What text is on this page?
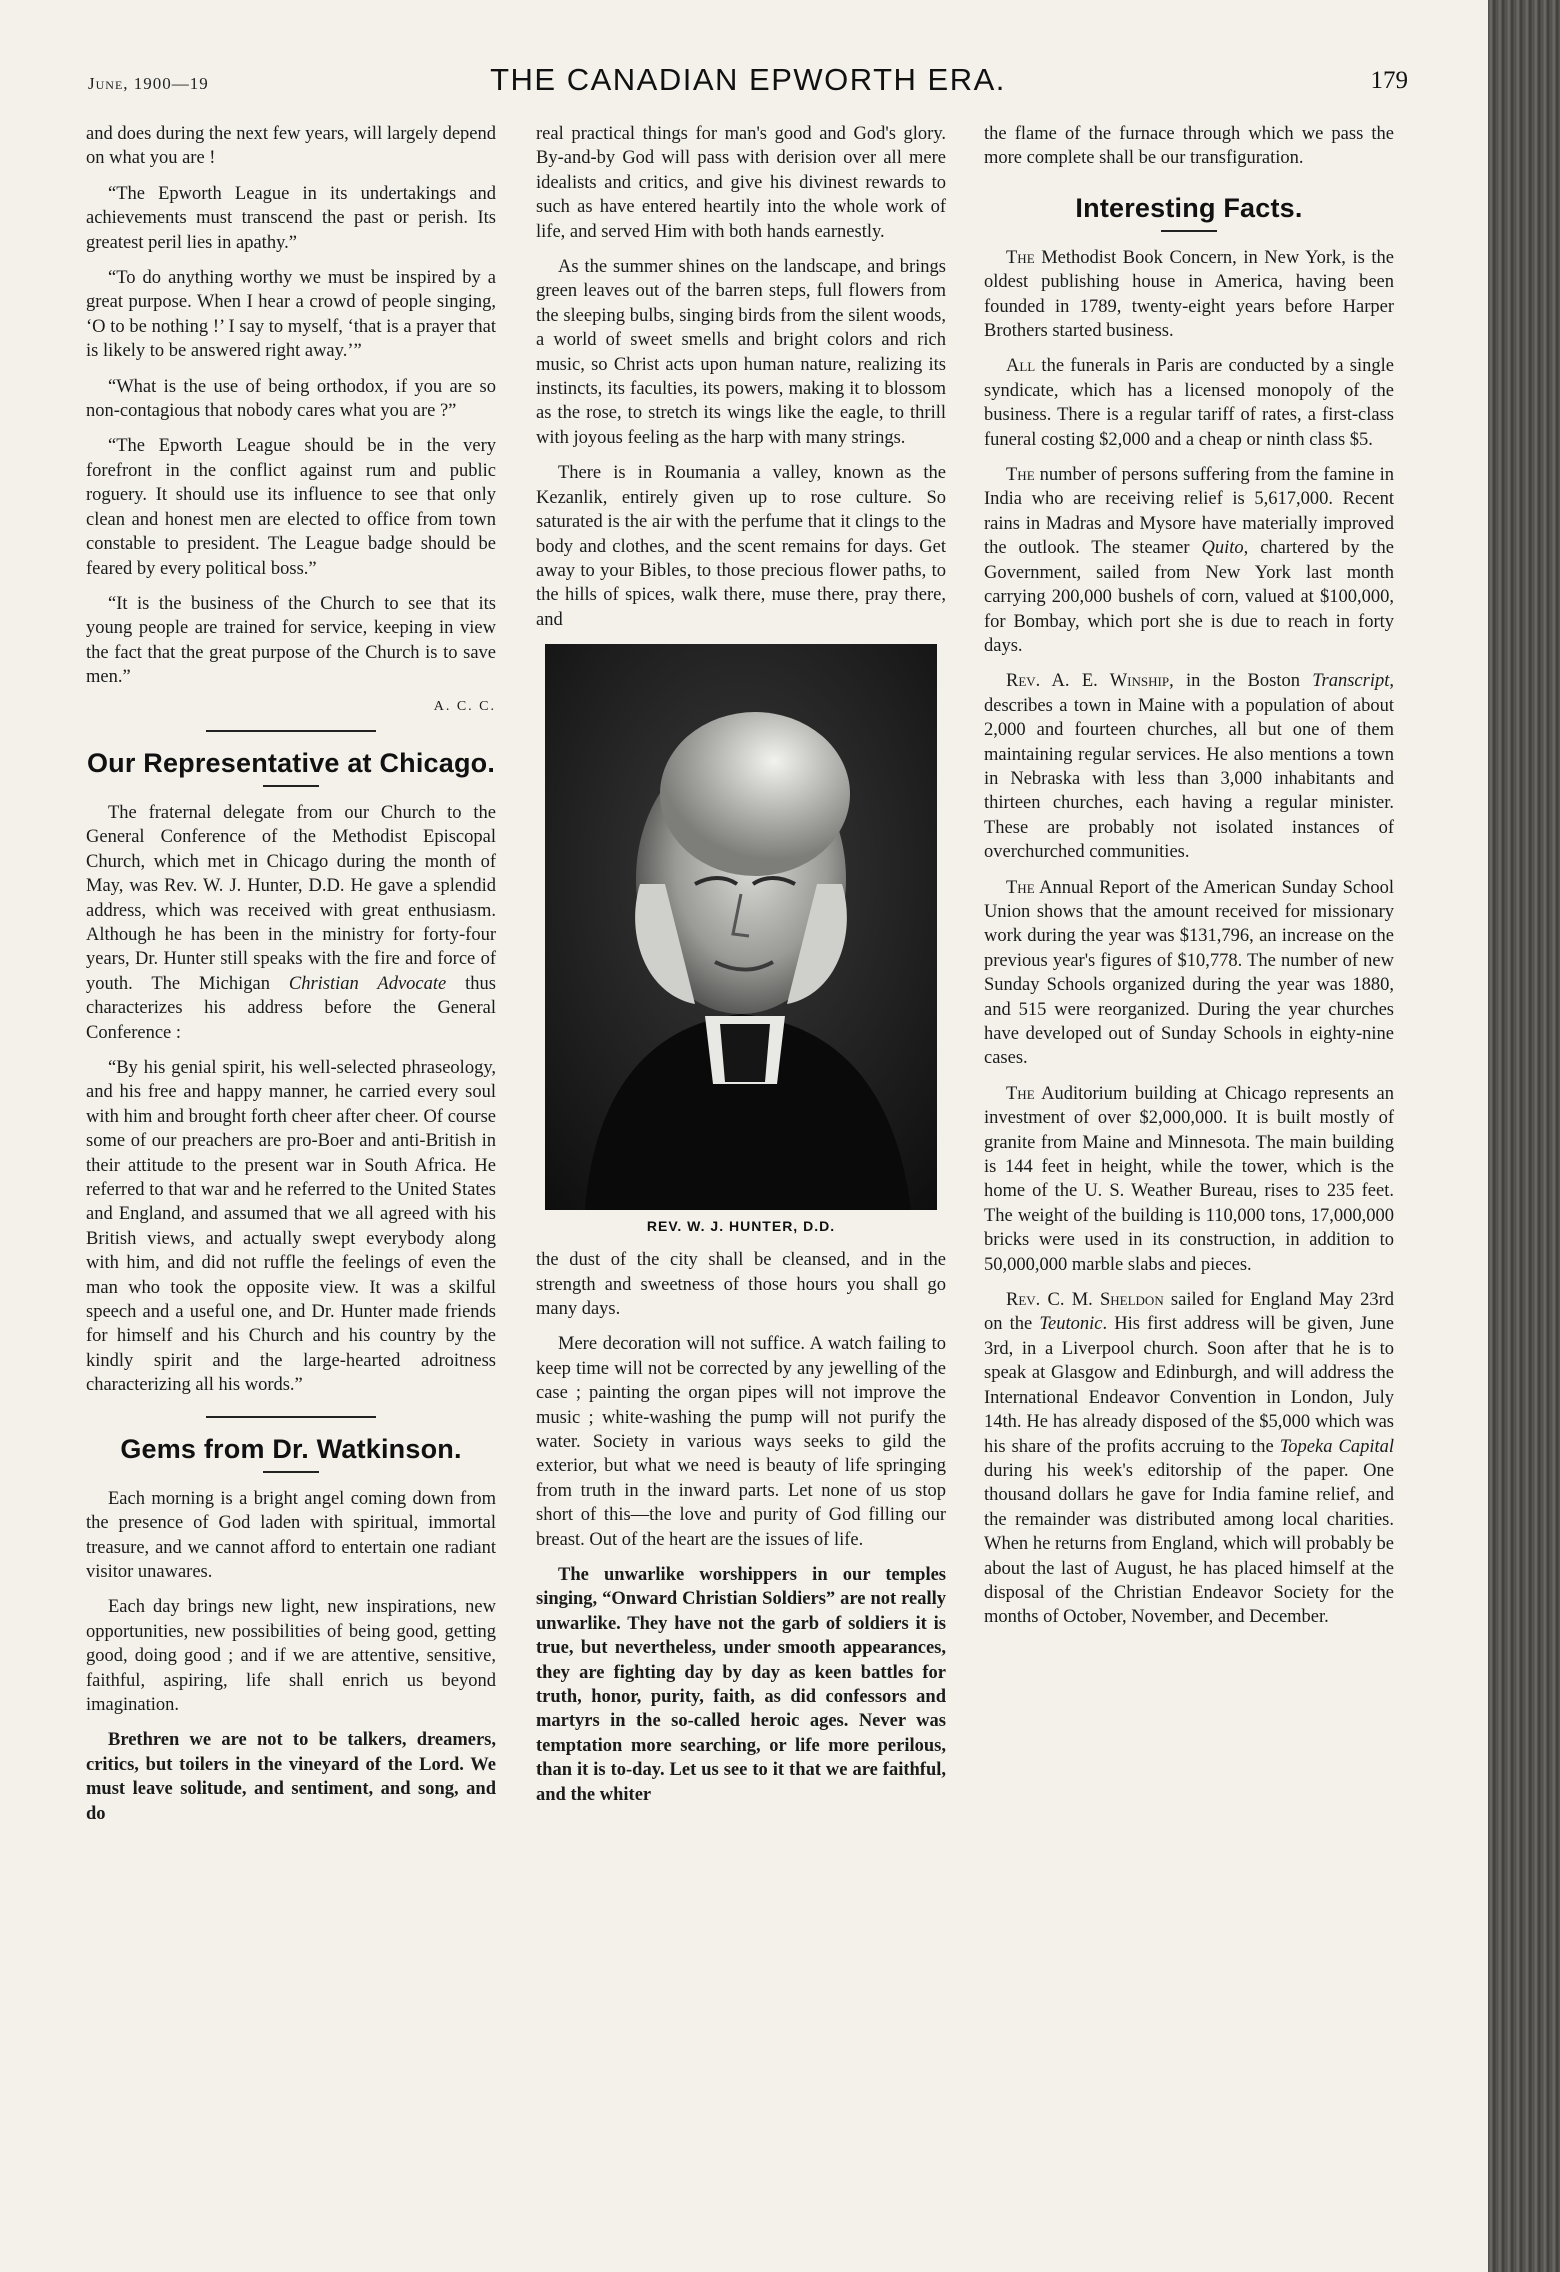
June, 1900—19	THE CANADIAN EPWORTH ERA.	179

and does during the next few years, will largely depend on what you are !

“The Epworth League in its undertakings and achievements must transcend the past or perish. Its greatest peril lies in apathy.”

“To do anything worthy we must be inspired by a great purpose. When I hear a crowd of people singing, ‘O to be nothing !’ I say to myself, ‘that is a prayer that is likely to be answered right away.’”

“What is the use of being orthodox, if you are so non-contagious that nobody cares what you are ?”

“The Epworth League should be in the very forefront in the conflict against rum and public roguery. It should use its influence to see that only clean and honest men are elected to office from town constable to president. The League badge should be feared by every political boss.”

“It is the business of the Church to see that its young people are trained for service, keeping in view the fact that the great purpose of the Church is to save men.”

A. C. C.

Our Representative at Chicago.

The fraternal delegate from our Church to the General Conference of the Methodist Episcopal Church, which met in Chicago during the month of May, was Rev. W. J. Hunter, D.D. He gave a splendid address, which was received with great enthusiasm. Although he has been in the ministry for forty-four years, Dr. Hunter still speaks with the fire and force of youth. The Michigan Christian Advocate thus characterizes his address before the General Conference :

“By his genial spirit, his well-selected phraseology, and his free and happy manner, he carried every soul with him and brought forth cheer after cheer. Of course some of our preachers are pro-Boer and anti-British in their attitude to the present war in South Africa. He referred to that war and he referred to the United States and England, and assumed that we all agreed with his British views, and actually swept everybody along with him, and did not ruffle the feelings of even the man who took the opposite view. It was a skilful speech and a useful one, and Dr. Hunter made friends for himself and his Church and his country by the kindly spirit and the large-hearted adroitness characterizing all his words.”

Gems from Dr. Watkinson.

Each morning is a bright angel coming down from the presence of God laden with spiritual, immortal treasure, and we cannot afford to entertain one radiant visitor unawares.

Each day brings new light, new inspirations, new opportunities, new possibilities of being good, getting good, doing good ; and if we are attentive, sensitive, faithful, aspiring, life shall enrich us beyond imagination.

Brethren we are not to be talkers, dreamers, critics, but toilers in the vineyard of the Lord. We must leave solitude, and sentiment, and song, and do

real practical things for man's good and God's glory. By-and-by God will pass with derision over all mere idealists and critics, and give his divinest rewards to such as have entered heartily into the whole work of life, and served Him with both hands earnestly.

As the summer shines on the landscape, and brings green leaves out of the barren steps, full flowers from the sleeping bulbs, singing birds from the silent woods, a world of sweet smells and bright colors and rich music, so Christ acts upon human nature, realizing its instincts, its faculties, its powers, making it to blossom as the rose, to stretch its wings like the eagle, to thrill with joyous feeling as the harp with many strings.

There is in Roumania a valley, known as the Kezanlik, entirely given up to rose culture. So saturated is the air with the perfume that it clings to the body and clothes, and the scent remains for days. Get away to your Bibles, to those precious flower paths, to the hills of spices, walk there, muse there, pray there, and

REV. W. J. HUNTER, D.D.

the dust of the city shall be cleansed, and in the strength and sweetness of those hours you shall go many days.

Mere decoration will not suffice. A watch failing to keep time will not be corrected by any jewelling of the case ; painting the organ pipes will not improve the music ; white-washing the pump will not purify the water. Society in various ways seeks to gild the exterior, but what we need is beauty of life springing from truth in the inward parts. Let none of us stop short of this—the love and purity of God filling our breast. Out of the heart are the issues of life.

The unwarlike worshippers in our temples singing, “Onward Christian Soldiers” are not really unwarlike. They have not the garb of soldiers it is true, but nevertheless, under smooth appearances, they are fighting day by day as keen battles for truth, honor, purity, faith, as did confessors and martyrs in the so-called heroic ages. Never was temptation more searching, or life more perilous, than it is to-day. Let us see to it that we are faithful, and the whiter

the flame of the furnace through which we pass the more complete shall be our transfiguration.

Interesting Facts.

The Methodist Book Concern, in New York, is the oldest publishing house in America, having been founded in 1789, twenty-eight years before Harper Brothers started business.

All the funerals in Paris are conducted by a single syndicate, which has a licensed monopoly of the business. There is a regular tariff of rates, a first-class funeral costing $2,000 and a cheap or ninth class $5.

The number of persons suffering from the famine in India who are receiving relief is 5,617,000. Recent rains in Madras and Mysore have materially improved the outlook. The steamer Quito, chartered by the Government, sailed from New York last month carrying 200,000 bushels of corn, valued at $100,000, for Bombay, which port she is due to reach in forty days.

Rev. A. E. Winship, in the Boston Transcript, describes a town in Maine with a population of about 2,000 and fourteen churches, all but one of them maintaining regular services. He also mentions a town in Nebraska with less than 3,000 inhabitants and thirteen churches, each having a regular minister. These are probably not isolated instances of overchurched communities.

The Annual Report of the American Sunday School Union shows that the amount received for missionary work during the year was $131,796, an increase on the previous year's figures of $10,778. The number of new Sunday Schools organized during the year was 1880, and 515 were reorganized. During the year churches have developed out of Sunday Schools in eighty-nine cases.

The Auditorium building at Chicago represents an investment of over $2,000,000. It is built mostly of granite from Maine and Minnesota. The main building is 144 feet in height, while the tower, which is the home of the U. S. Weather Bureau, rises to 235 feet. The weight of the building is 110,000 tons, 17,000,000 bricks were used in its construction, in addition to 50,000,000 marble slabs and pieces.

Rev. C. M. Sheldon sailed for England May 23rd on the Teutonic. His first address will be given, June 3rd, in a Liverpool church. Soon after that he is to speak at Glasgow and Edinburgh, and will address the International Endeavor Convention in London, July 14th. He has already disposed of the $5,000 which was his share of the profits accruing to the Topeka Capital during his week's editorship of the paper. One thousand dollars he gave for India famine relief, and the remainder was distributed among local charities. When he returns from England, which will probably be about the last of August, he has placed himself at the disposal of the Christian Endeavor Society for the months of October, November, and December.
